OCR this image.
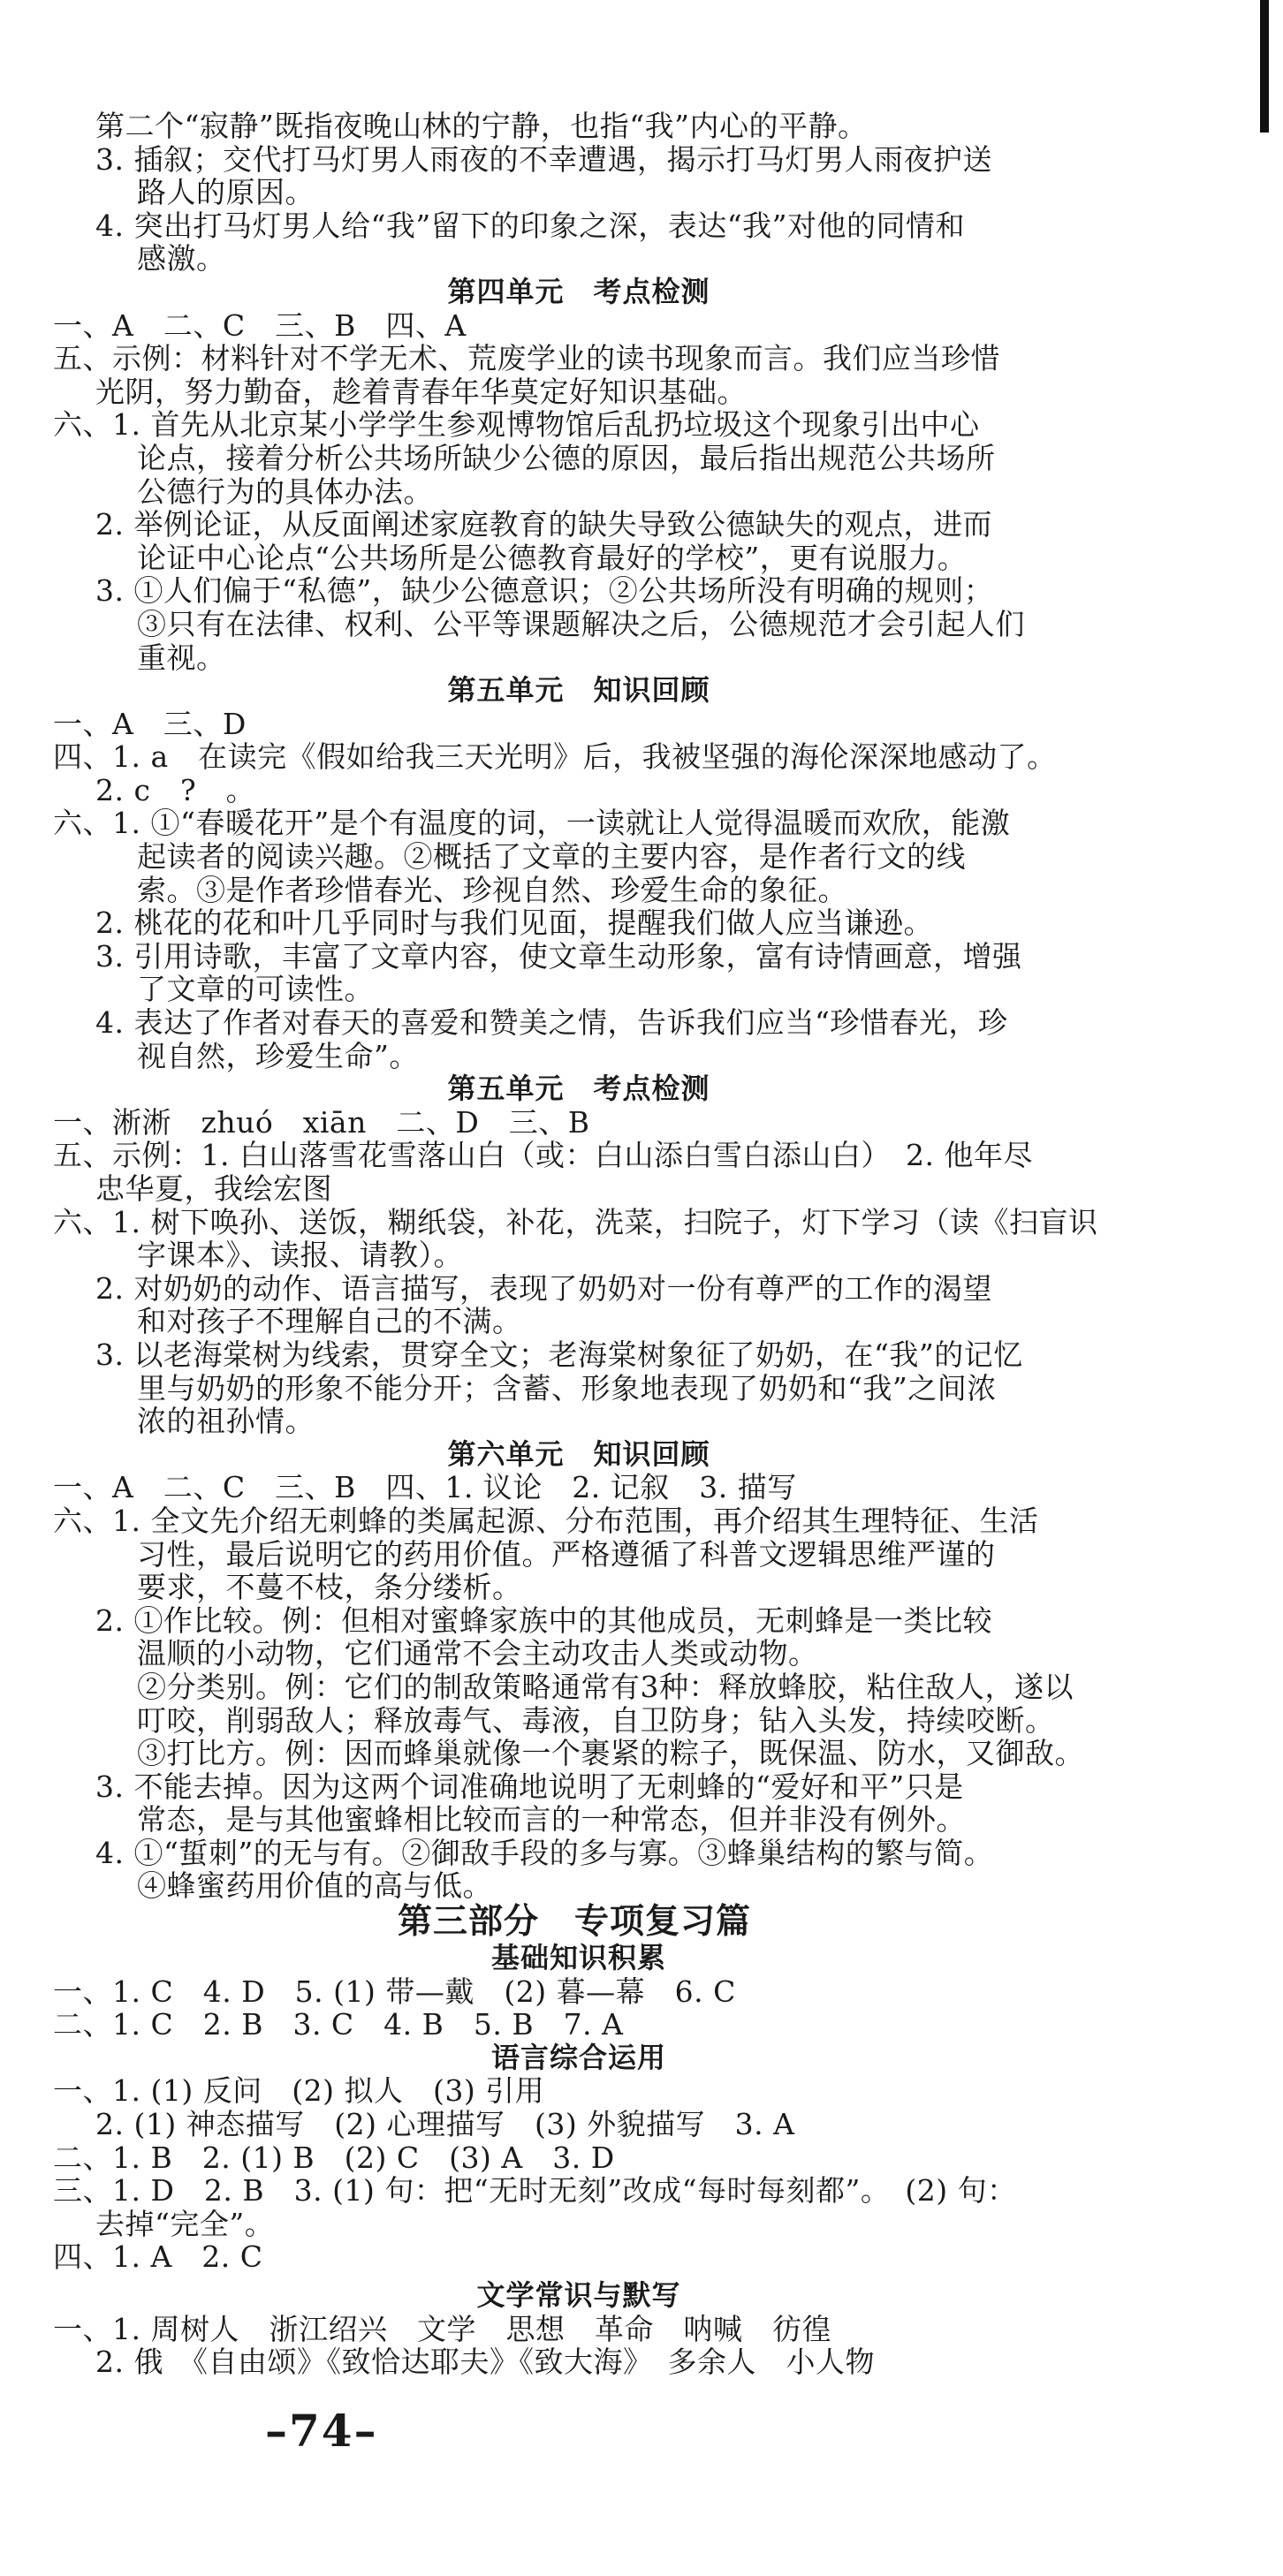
第二个“寂静”既指夜晚山林的宁静，也指“我”内心的平静。
3. 插叙；交代打马灯男人雨夜的不幸遭遇，揭示打马灯男人雨夜护送
路人的原因。
4. 突出打马灯男人给“我”留下的印象之深，表达“我”对他的同情和
感激。
第四单元　考点检测
一、A　二、C　三、B　四、A
五、示例：材料针对不学无术、荒废学业的读书现象而言。我们应当珍惜
光阴，努力勤奋，趁着青春年华莫定好知识基础。
六、1. 首先从北京某小学学生参观博物馆后乱扔垃圾这个现象引出中心
论点，接着分析公共场所缺少公德的原因，最后指出规范公共场所
公德行为的具体办法。
2. 举例论证，从反面阐述家庭教育的缺失导致公德缺失的观点，进而
论证中心论点“公共场所是公德教育最好的学校”，更有说服力。
3. ①人们偏于“私德”，缺少公德意识；②公共场所没有明确的规则；
③只有在法律、权利、公平等课题解决之后，公德规范才会引起人们
重视。
第五单元　知识回顾
一、A　三、D
四、1. a　在读完《假如给我三天光明》后，我被坚强的海伦深深地感动了。
2. c　?　。
六、1. ①“春暖花开”是个有温度的词，一读就让人觉得温暖而欢欣，能激
起读者的阅读兴趣。②概括了文章的主要内容，是作者行文的线
索。③是作者珍惜春光、珍视自然、珍爱生命的象征。
2. 桃花的花和叶几乎同时与我们见面，提醒我们做人应当谦逊。
3. 引用诗歌，丰富了文章内容，使文章生动形象，富有诗情画意，增强
了文章的可读性。
4. 表达了作者对春天的喜爱和赞美之情，告诉我们应当“珍惜春光，珍
视自然，珍爱生命”。
第五单元　考点检测
一、淅淅　zhuó　xiān　二、D　三、B
五、示例：1. 白山落雪花雪落山白（或：白山添白雪白添山白）　2. 他年尽
忠华夏，我绘宏图
六、1. 树下唤孙、送饭，糊纸袋，补花，洗菜，扫院子，灯下学习（读《扫盲识
字课本》、读报、请教）。
2. 对奶奶的动作、语言描写，表现了奶奶对一份有尊严的工作的渴望
和对孩子不理解自己的不满。
3. 以老海棠树为线索，贯穿全文；老海棠树象征了奶奶，在“我”的记忆
里与奶奶的形象不能分开；含蓄、形象地表现了奶奶和“我”之间浓
浓的祖孙情。
第六单元　知识回顾
一、A　二、C　三、B　四、1. 议论　2. 记叙　3. 描写
六、1. 全文先介绍无刺蜂的类属起源、分布范围，再介绍其生理特征、生活
习性，最后说明它的药用价值。严格遵循了科普文逻辑思维严谨的
要求，不蔓不枝，条分缕析。
2. ①作比较。例：但相对蜜蜂家族中的其他成员，无刺蜂是一类比较
温顺的小动物，它们通常不会主动攻击人类或动物。
②分类别。例：它们的制敌策略通常有3种：释放蜂胶，粘住敌人，遂以
叮咬，削弱敌人；释放毒气、毒液，自卫防身；钻入头发，持续咬断。
③打比方。例：因而蜂巢就像一个裹紧的粽子，既保温、防水，又御敌。
3. 不能去掉。因为这两个词准确地说明了无刺蜂的“爱好和平”只是
常态，是与其他蜜蜂相比较而言的一种常态，但并非没有例外。
4. ①“蜇刺”的无与有。②御敌手段的多与寡。③蜂巢结构的繁与简。
④蜂蜜药用价值的高与低。
第三部分　专项复习篇
基础知识积累
一、1. C　4. D　5. (1) 带—戴　(2) 暮—幕　6. C
二、1. C　2. B　3. C　4. B　5. B　7. A
语言综合运用
一、1. (1) 反问　(2) 拟人　(3) 引用
2. (1) 神态描写　(2) 心理描写　(3) 外貌描写　3. A
二、1. B　2. (1) B　(2) C　(3) A　3. D
三、1. D　2. B　3. (1) 句：把“无时无刻”改成“每时每刻都”。　(2) 句：
去掉“完全”。
四、1. A　2. C
文学常识与默写
一、1. 周树人　浙江绍兴　文学　思想　革命　呐喊　彷徨
2. 俄　《自由颂》《致恰达耶夫》《致大海》　多余人　小人物
–74–
